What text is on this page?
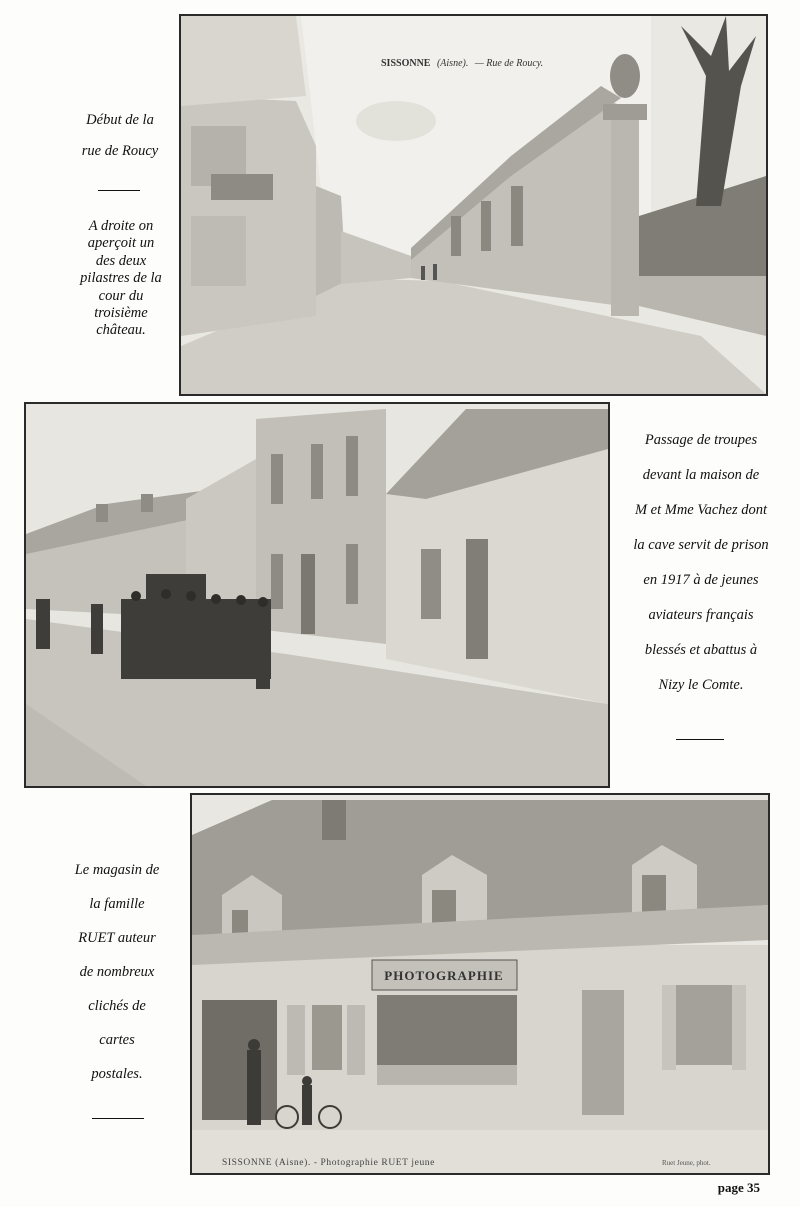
Début de la
rue de Roucy
A droite on
aperçoit un
des deux
pilastres de la
cour du
troisième
château.
SISSONNE (Aisne). — Rue de Roucy.
Passage de troupes
devant la maison de
M et Mme Vachez dont
la cave servit de prison
en 1917 à de jeunes
aviateurs français
blessés et abattus à
Nizy le Comte.
Le magasin de
la famille
RUET auteur
de nombreux
clichés de
cartes
postales.
PHOTOGRAPHIE
SISSONNE (Aisne). - Photographie RUET jeune	Ruet Jeune, phot.
page 35
